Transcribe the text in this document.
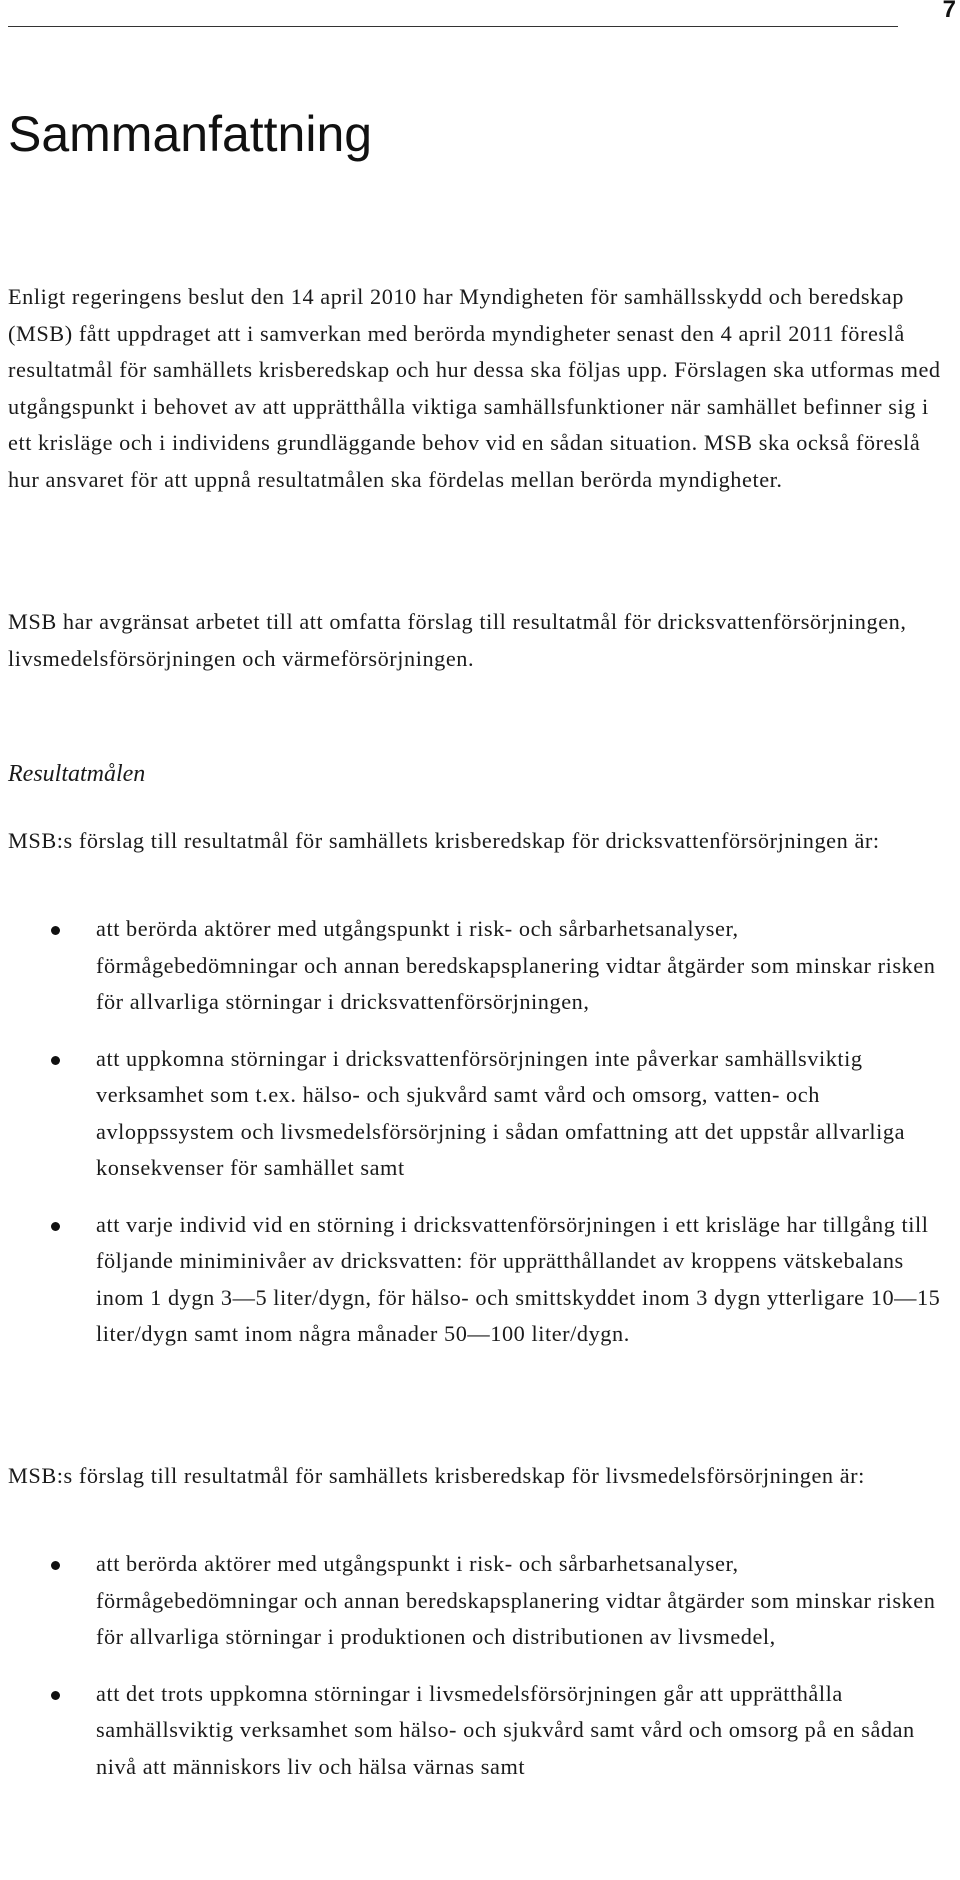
7
Sammanfattning

Enligt regeringens beslut den 14 april 2010 har Myndigheten för samhällsskydd och beredskap (MSB) fått uppdraget att i samverkan med berörda myndigheter senast den 4 april 2011 föreslå resultatmål för samhällets krisberedskap och hur dessa ska följas upp. Förslagen ska utformas med utgångspunkt i behovet av att upprätthålla viktiga samhällsfunktioner när samhället befinner sig i ett krisläge och i individens grundläggande behov vid en sådan situation. MSB ska också föreslå hur ansvaret för att uppnå resultatmålen ska fördelas mellan berörda myndigheter.

MSB har avgränsat arbetet till att omfatta förslag till resultatmål för dricksvattenförsörjningen, livsmedelsförsörjningen och värmeförsörjningen.

Resultatmålen

MSB:s förslag till resultatmål för samhällets krisberedskap för dricksvattenförsörjningen är:

att berörda aktörer med utgångspunkt i risk- och sårbarhetsanalyser, förmågebedömningar och annan beredskapsplanering vidtar åtgärder som minskar risken för allvarliga störningar i dricksvattenförsörjningen,
att uppkomna störningar i dricksvattenförsörjningen inte påverkar samhällsviktig verksamhet som t.ex. hälso- och sjukvård samt vård och omsorg, vatten- och avloppssystem och livsmedelsförsörjning i sådan omfattning att det uppstår allvarliga konsekvenser för samhället samt
att varje individ vid en störning i dricksvattenförsörjningen i ett krisläge har tillgång till följande miniminivåer av dricksvatten: för upprätthållandet av kroppens vätskebalans inom 1 dygn 3—5 liter/dygn, för hälso- och smittskyddet inom 3 dygn ytterligare 10—15 liter/dygn samt inom några månader 50—100 liter/dygn.

MSB:s förslag till resultatmål för samhällets krisberedskap för livsmedelsförsörjningen är:

att berörda aktörer med utgångspunkt i risk- och sårbarhetsanalyser, förmågebedömningar och annan beredskapsplanering vidtar åtgärder som minskar risken för allvarliga störningar i produktionen och distributionen av livsmedel,
att det trots uppkomna störningar i livsmedelsförsörjningen går att upprätthålla samhällsviktig verksamhet som hälso- och sjukvård samt vård och omsorg på en sådan nivå att människors liv och hälsa värnas samt
